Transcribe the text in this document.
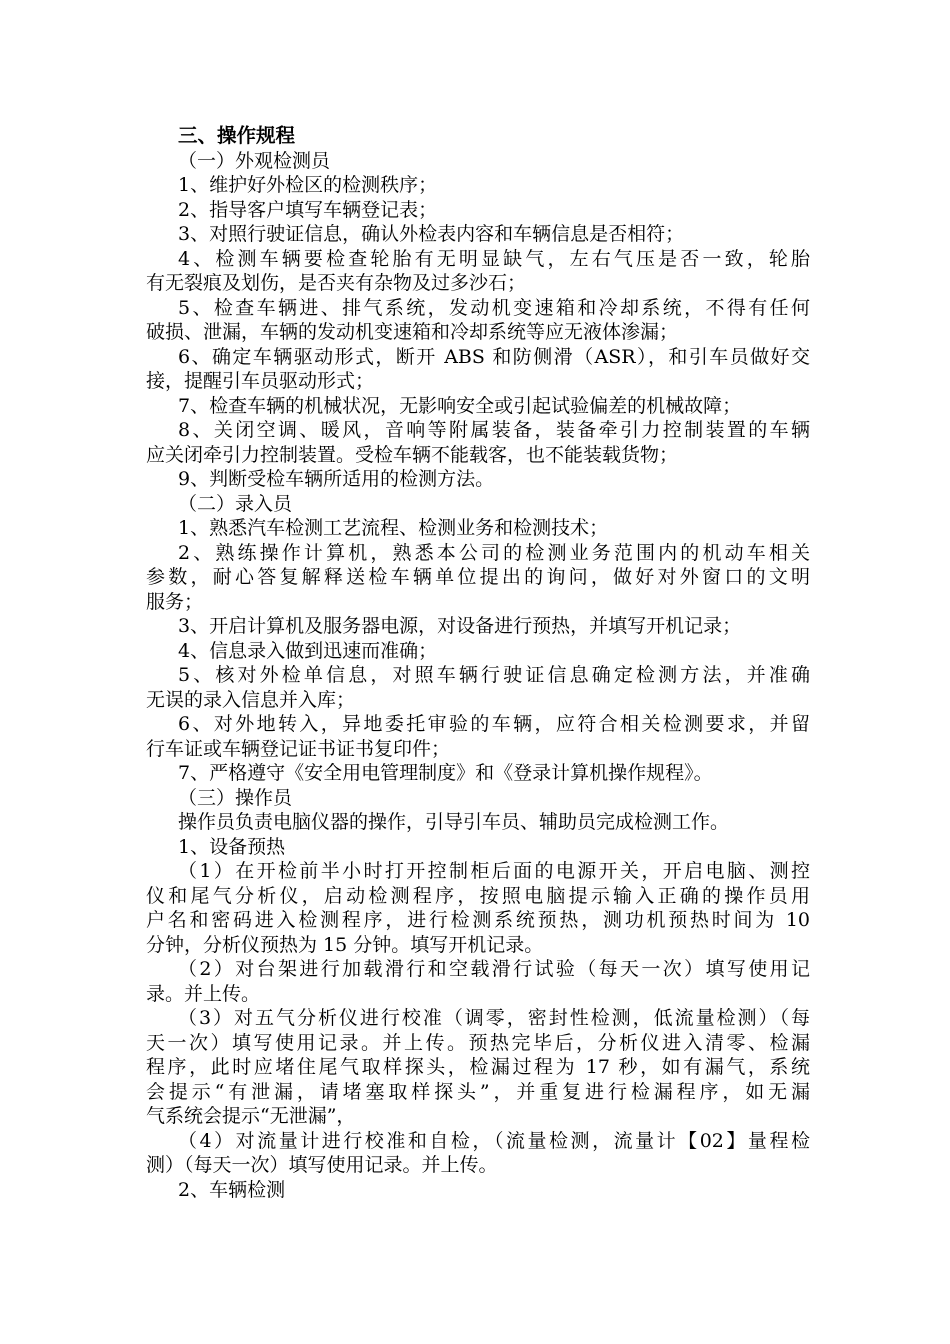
三、操作规程
（一）外观检测员
1、维护好外检区的检测秩序；
2、指导客户填写车辆登记表；
3、对照行驶证信息，确认外检表内容和车辆信息是否相符；
4、检测车辆要检查轮胎有无明显缺气，左右气压是否一致，轮胎
有无裂痕及划伤，是否夹有杂物及过多沙石；
5、检查车辆进、排气系统，发动机变速箱和冷却系统，不得有任何
破损、泄漏，车辆的发动机变速箱和冷却系统等应无液体渗漏；
6、确定车辆驱动形式，断开 ABS 和防侧滑（ASR），和引车员做好交
接，提醒引车员驱动形式；
7、检查车辆的机械状况，无影响安全或引起试验偏差的机械故障；
8、关闭空调、暖风，音响等附属装备，装备牵引力控制装置的车辆
应关闭牵引力控制装置。受检车辆不能载客，也不能装载货物；
9、判断受检车辆所适用的检测方法。
（二）录入员
1、熟悉汽车检测工艺流程、检测业务和检测技术；
2、熟练操作计算机，熟悉本公司的检测业务范围内的机动车相关
参数，耐心答复解释送检车辆单位提出的询问，做好对外窗口的文明
服务；
3、开启计算机及服务器电源，对设备进行预热，并填写开机记录；
4、信息录入做到迅速而准确；
5、核对外检单信息，对照车辆行驶证信息确定检测方法，并准确
无误的录入信息并入库；
6、对外地转入，异地委托审验的车辆，应符合相关检测要求，并留
行车证或车辆登记证书证书复印件；
7、严格遵守《安全用电管理制度》和《登录计算机操作规程》。
（三）操作员
操作员负责电脑仪器的操作，引导引车员、辅助员完成检测工作。
1、设备预热
（1）在开检前半小时打开控制柜后面的电源开关，开启电脑、测控
仪和尾气分析仪，启动检测程序，按照电脑提示输入正确的操作员用
户名和密码进入检测程序，进行检测系统预热，测功机预热时间为 10
分钟，分析仪预热为 15 分钟。填写开机记录。
（2）对台架进行加载滑行和空载滑行试验（每天一次）填写使用记
录。并上传。
（3）对五气分析仪进行校准（调零，密封性检测，低流量检测）（每
天一次）填写使用记录。并上传。预热完毕后，分析仪进入清零、检漏
程序，此时应堵住尾气取样探头，检漏过程为 17 秒，如有漏气，系统
会提示“有泄漏，请堵塞取样探头”，并重复进行检漏程序，如无漏
气系统会提示“无泄漏”，
（4）对流量计进行校准和自检，（流量检测，流量计【02】量程检
测）（每天一次）填写使用记录。并上传。
2、车辆检测
